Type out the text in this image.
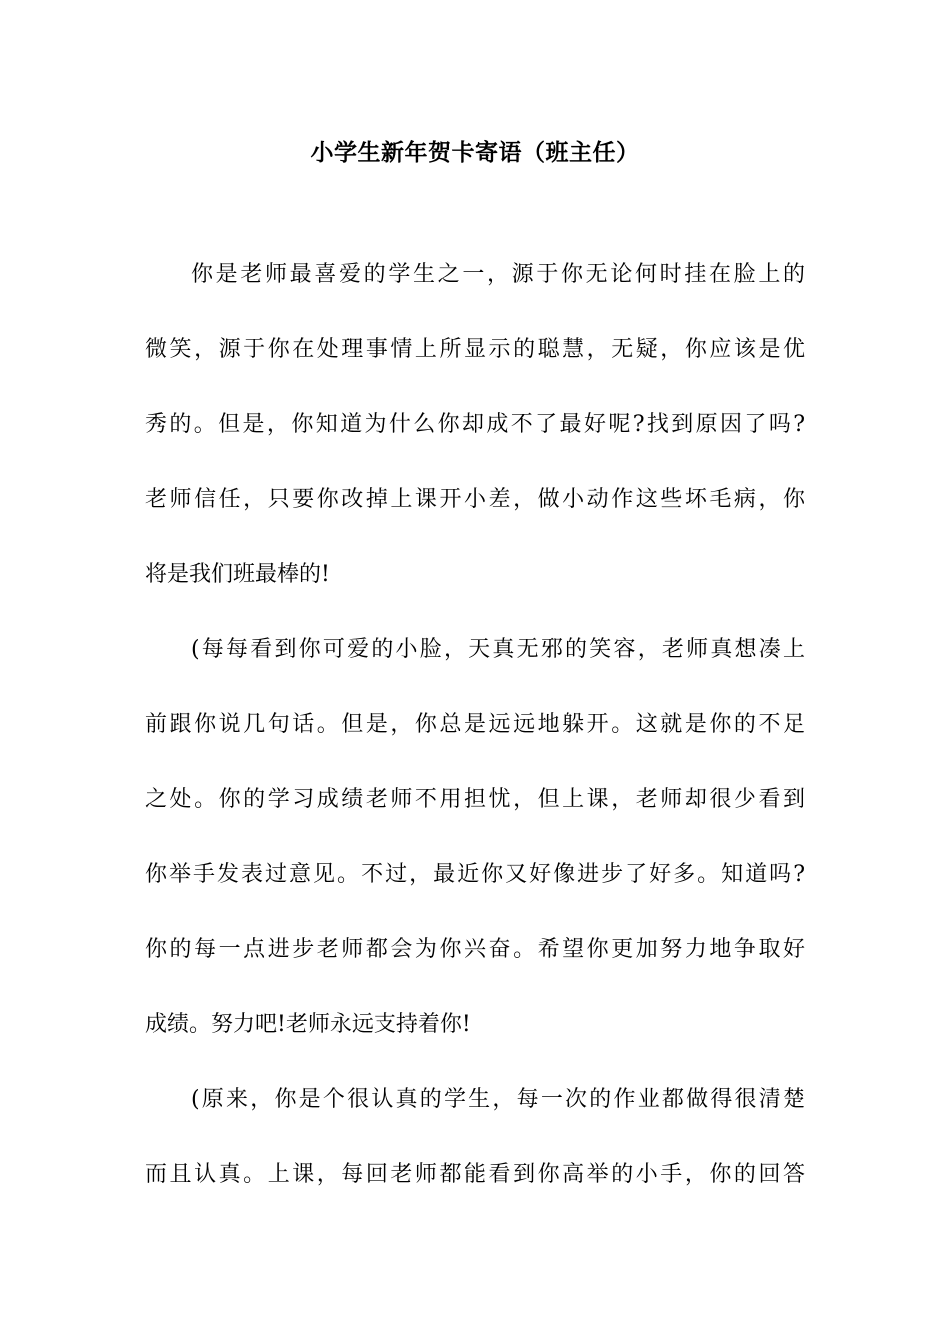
小学生新年贺卡寄语（班主任）
你是老师最喜爱的学生之一，源于你无论何时挂在脸上的
微笑，源于你在处理事情上所显示的聪慧，无疑，你应该是优
秀的。但是，你知道为什么你却成不了最好呢?找到原因了吗?
老师信任，只要你改掉上课开小差，做小动作这些坏毛病，你
将是我们班最棒的!
(每每看到你可爱的小脸，天真无邪的笑容，老师真想凑上
前跟你说几句话。但是，你总是远远地躲开。这就是你的不足
之处。你的学习成绩老师不用担忧，但上课，老师却很少看到
你举手发表过意见。不过，最近你又好像进步了好多。知道吗?
你的每一点进步老师都会为你兴奋。希望你更加努力地争取好
成绩。努力吧!老师永远支持着你!
(原来，你是个很认真的学生，每一次的作业都做得很清楚
而且认真。上课，每回老师都能看到你高举的小手，你的回答
